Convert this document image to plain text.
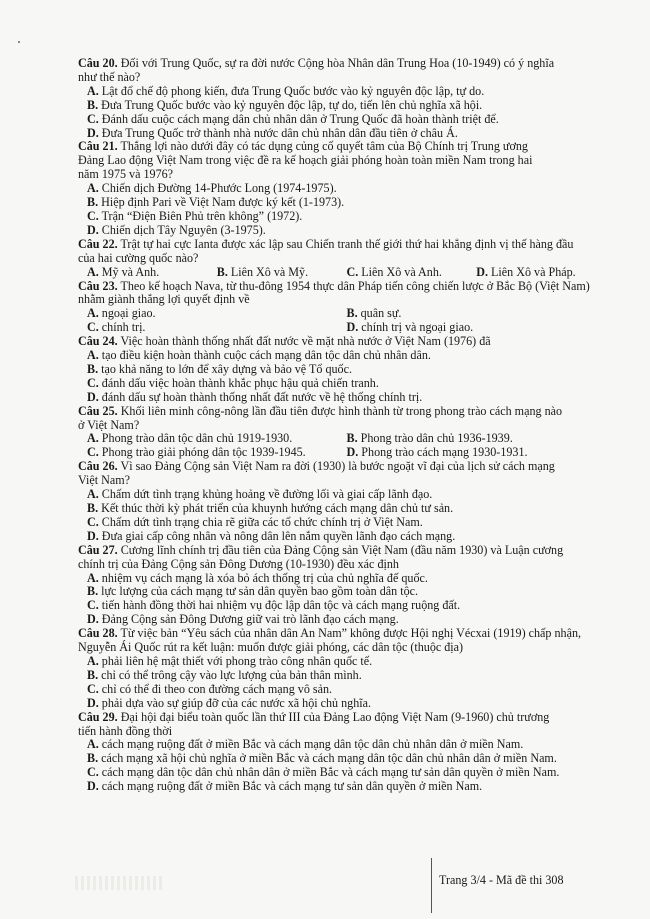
Câu 20. Đối với Trung Quốc, sự ra đời nước Cộng hòa Nhân dân Trung Hoa (10-1949) có ý nghĩa
như thế nào?
A. Lật đổ chế độ phong kiến, đưa Trung Quốc bước vào kỷ nguyên độc lập, tự do.
B. Đưa Trung Quốc bước vào kỷ nguyên độc lập, tự do, tiến lên chủ nghĩa xã hội.
C. Đánh dấu cuộc cách mạng dân chủ nhân dân ở Trung Quốc đã hoàn thành triệt để.
D. Đưa Trung Quốc trở thành nhà nước dân chủ nhân dân đầu tiên ở châu Á.
Câu 21. Thắng lợi nào dưới đây có tác dụng củng cố quyết tâm của Bộ Chính trị Trung ương
Đảng Lao động Việt Nam trong việc đề ra kế hoạch giải phóng hoàn toàn miền Nam trong hai
năm 1975 và 1976?
A. Chiến dịch Đường 14-Phước Long (1974-1975).
B. Hiệp định Pari về Việt Nam được ký kết (1-1973).
C. Trận “Điện Biên Phủ trên không” (1972).
D. Chiến dịch Tây Nguyên (3-1975).
Câu 22. Trật tự hai cực Ianta được xác lập sau Chiến tranh thế giới thứ hai khẳng định vị thế hàng đầu
của hai cường quốc nào?
A. Mỹ và Anh.	B. Liên Xô và Mỹ.	C. Liên Xô và Anh.	D. Liên Xô và Pháp.
Câu 23. Theo kế hoạch Nava, từ thu-đông 1954 thực dân Pháp tiến công chiến lược ở Bắc Bộ (Việt Nam)
nhằm giành thắng lợi quyết định về
A. ngoại giao.	B. quân sự.
C. chính trị.	D. chính trị và ngoại giao.
Câu 24. Việc hoàn thành thống nhất đất nước về mặt nhà nước ở Việt Nam (1976) đã
A. tạo điều kiện hoàn thành cuộc cách mạng dân tộc dân chủ nhân dân.
B. tạo khả năng to lớn để xây dựng và bảo vệ Tổ quốc.
C. đánh dấu việc hoàn thành khắc phục hậu quả chiến tranh.
D. đánh dấu sự hoàn thành thống nhất đất nước về hệ thống chính trị.
Câu 25. Khối liên minh công-nông lần đầu tiên được hình thành từ trong phong trào cách mạng nào
ở Việt Nam?
A. Phong trào dân tộc dân chủ 1919-1930.	B. Phong trào dân chủ 1936-1939.
C. Phong trào giải phóng dân tộc 1939-1945.	D. Phong trào cách mạng 1930-1931.
Câu 26. Vì sao Đảng Cộng sản Việt Nam ra đời (1930) là bước ngoặt vĩ đại của lịch sử cách mạng
Việt Nam?
A. Chấm dứt tình trạng khủng hoảng về đường lối và giai cấp lãnh đạo.
B. Kết thúc thời kỳ phát triển của khuynh hướng cách mạng dân chủ tư sản.
C. Chấm dứt tình trạng chia rẽ giữa các tổ chức chính trị ở Việt Nam.
D. Đưa giai cấp công nhân và nông dân lên nắm quyền lãnh đạo cách mạng.
Câu 27. Cương lĩnh chính trị đầu tiên của Đảng Cộng sản Việt Nam (đầu năm 1930) và Luận cương
chính trị của Đảng Cộng sản Đông Dương (10-1930) đều xác định
A. nhiệm vụ cách mạng là xóa bỏ ách thống trị của chủ nghĩa đế quốc.
B. lực lượng của cách mạng tư sản dân quyền bao gồm toàn dân tộc.
C. tiến hành đồng thời hai nhiệm vụ độc lập dân tộc và cách mạng ruộng đất.
D. Đảng Cộng sản Đông Dương giữ vai trò lãnh đạo cách mạng.
Câu 28. Từ việc bản “Yêu sách của nhân dân An Nam” không được Hội nghị Vécxai (1919) chấp nhận,
Nguyễn Ái Quốc rút ra kết luận: muốn được giải phóng, các dân tộc (thuộc địa)
A. phải liên hệ mật thiết với phong trào công nhân quốc tế.
B. chỉ có thể trông cậy vào lực lượng của bản thân mình.
C. chỉ có thể đi theo con đường cách mạng vô sản.
D. phải dựa vào sự giúp đỡ của các nước xã hội chủ nghĩa.
Câu 29. Đại hội đại biểu toàn quốc lần thứ III của Đảng Lao động Việt Nam (9-1960) chủ trương
tiến hành đồng thời
A. cách mạng ruộng đất ở miền Bắc và cách mạng dân tộc dân chủ nhân dân ở miền Nam.
B. cách mạng xã hội chủ nghĩa ở miền Bắc và cách mạng dân tộc dân chủ nhân dân ở miền Nam.
C. cách mạng dân tộc dân chủ nhân dân ở miền Bắc và cách mạng tư sản dân quyền ở miền Nam.
D. cách mạng ruộng đất ở miền Bắc và cách mạng tư sản dân quyền ở miền Nam.
Trang 3/4 - Mã đề thi 308
